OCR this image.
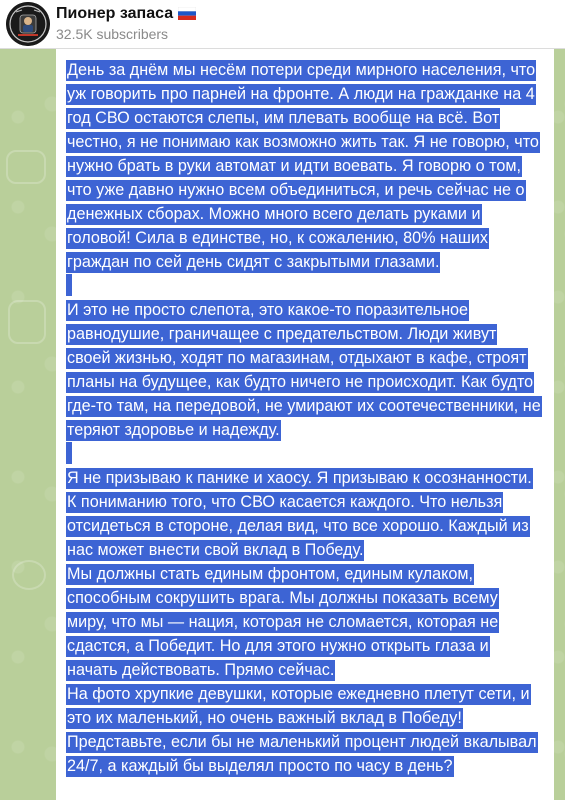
Пионер запаса
32.5K subscribers
День за днём мы несём потери среди мирного населения, что
уж говорить про парней на фронте. А люди на гражданке на 4
год СВО остаются слепы, им плевать вообще на всё. Вот
честно, я не понимаю как возможно жить так. Я не говорю, что
нужно брать в руки автомат и идти воевать. Я говорю о том,
что уже давно нужно всем объединиться, и речь сейчас не о
денежных сборах. Можно много всего делать руками и
головой! Сила в единстве, но, к сожалению, 80% наших
граждан по сей день сидят с закрытыми глазами.
И это не просто слепота, это какое-то поразительное
равнодушие, граничащее с предательством. Люди живут
своей жизнью, ходят по магазинам, отдыхают в кафе, строят
планы на будущее, как будто ничего не происходит. Как будто
где-то там, на передовой, не умирают их соотечественники, не
теряют здоровье и надежду.
Я не призываю к панике и хаосу. Я призываю к осознанности.
К пониманию того, что СВО касается каждого. Что нельзя
отсидеться в стороне, делая вид, что все хорошо. Каждый из
нас может внести свой вклад в Победу.
Мы должны стать единым фронтом, единым кулаком,
способным сокрушить врага. Мы должны показать всему
миру, что мы — нация, которая не сломается, которая не
сдастся, а Победит. Но для этого нужно открыть глаза и
начать действовать. Прямо сейчас.
На фото хрупкие девушки, которые ежедневно плетут сети, и
это их маленький, но очень важный вклад в Победу!
Представьте, если бы не маленький процент людей вкалывал
24/7, а каждый бы выделял просто по часу в день?
